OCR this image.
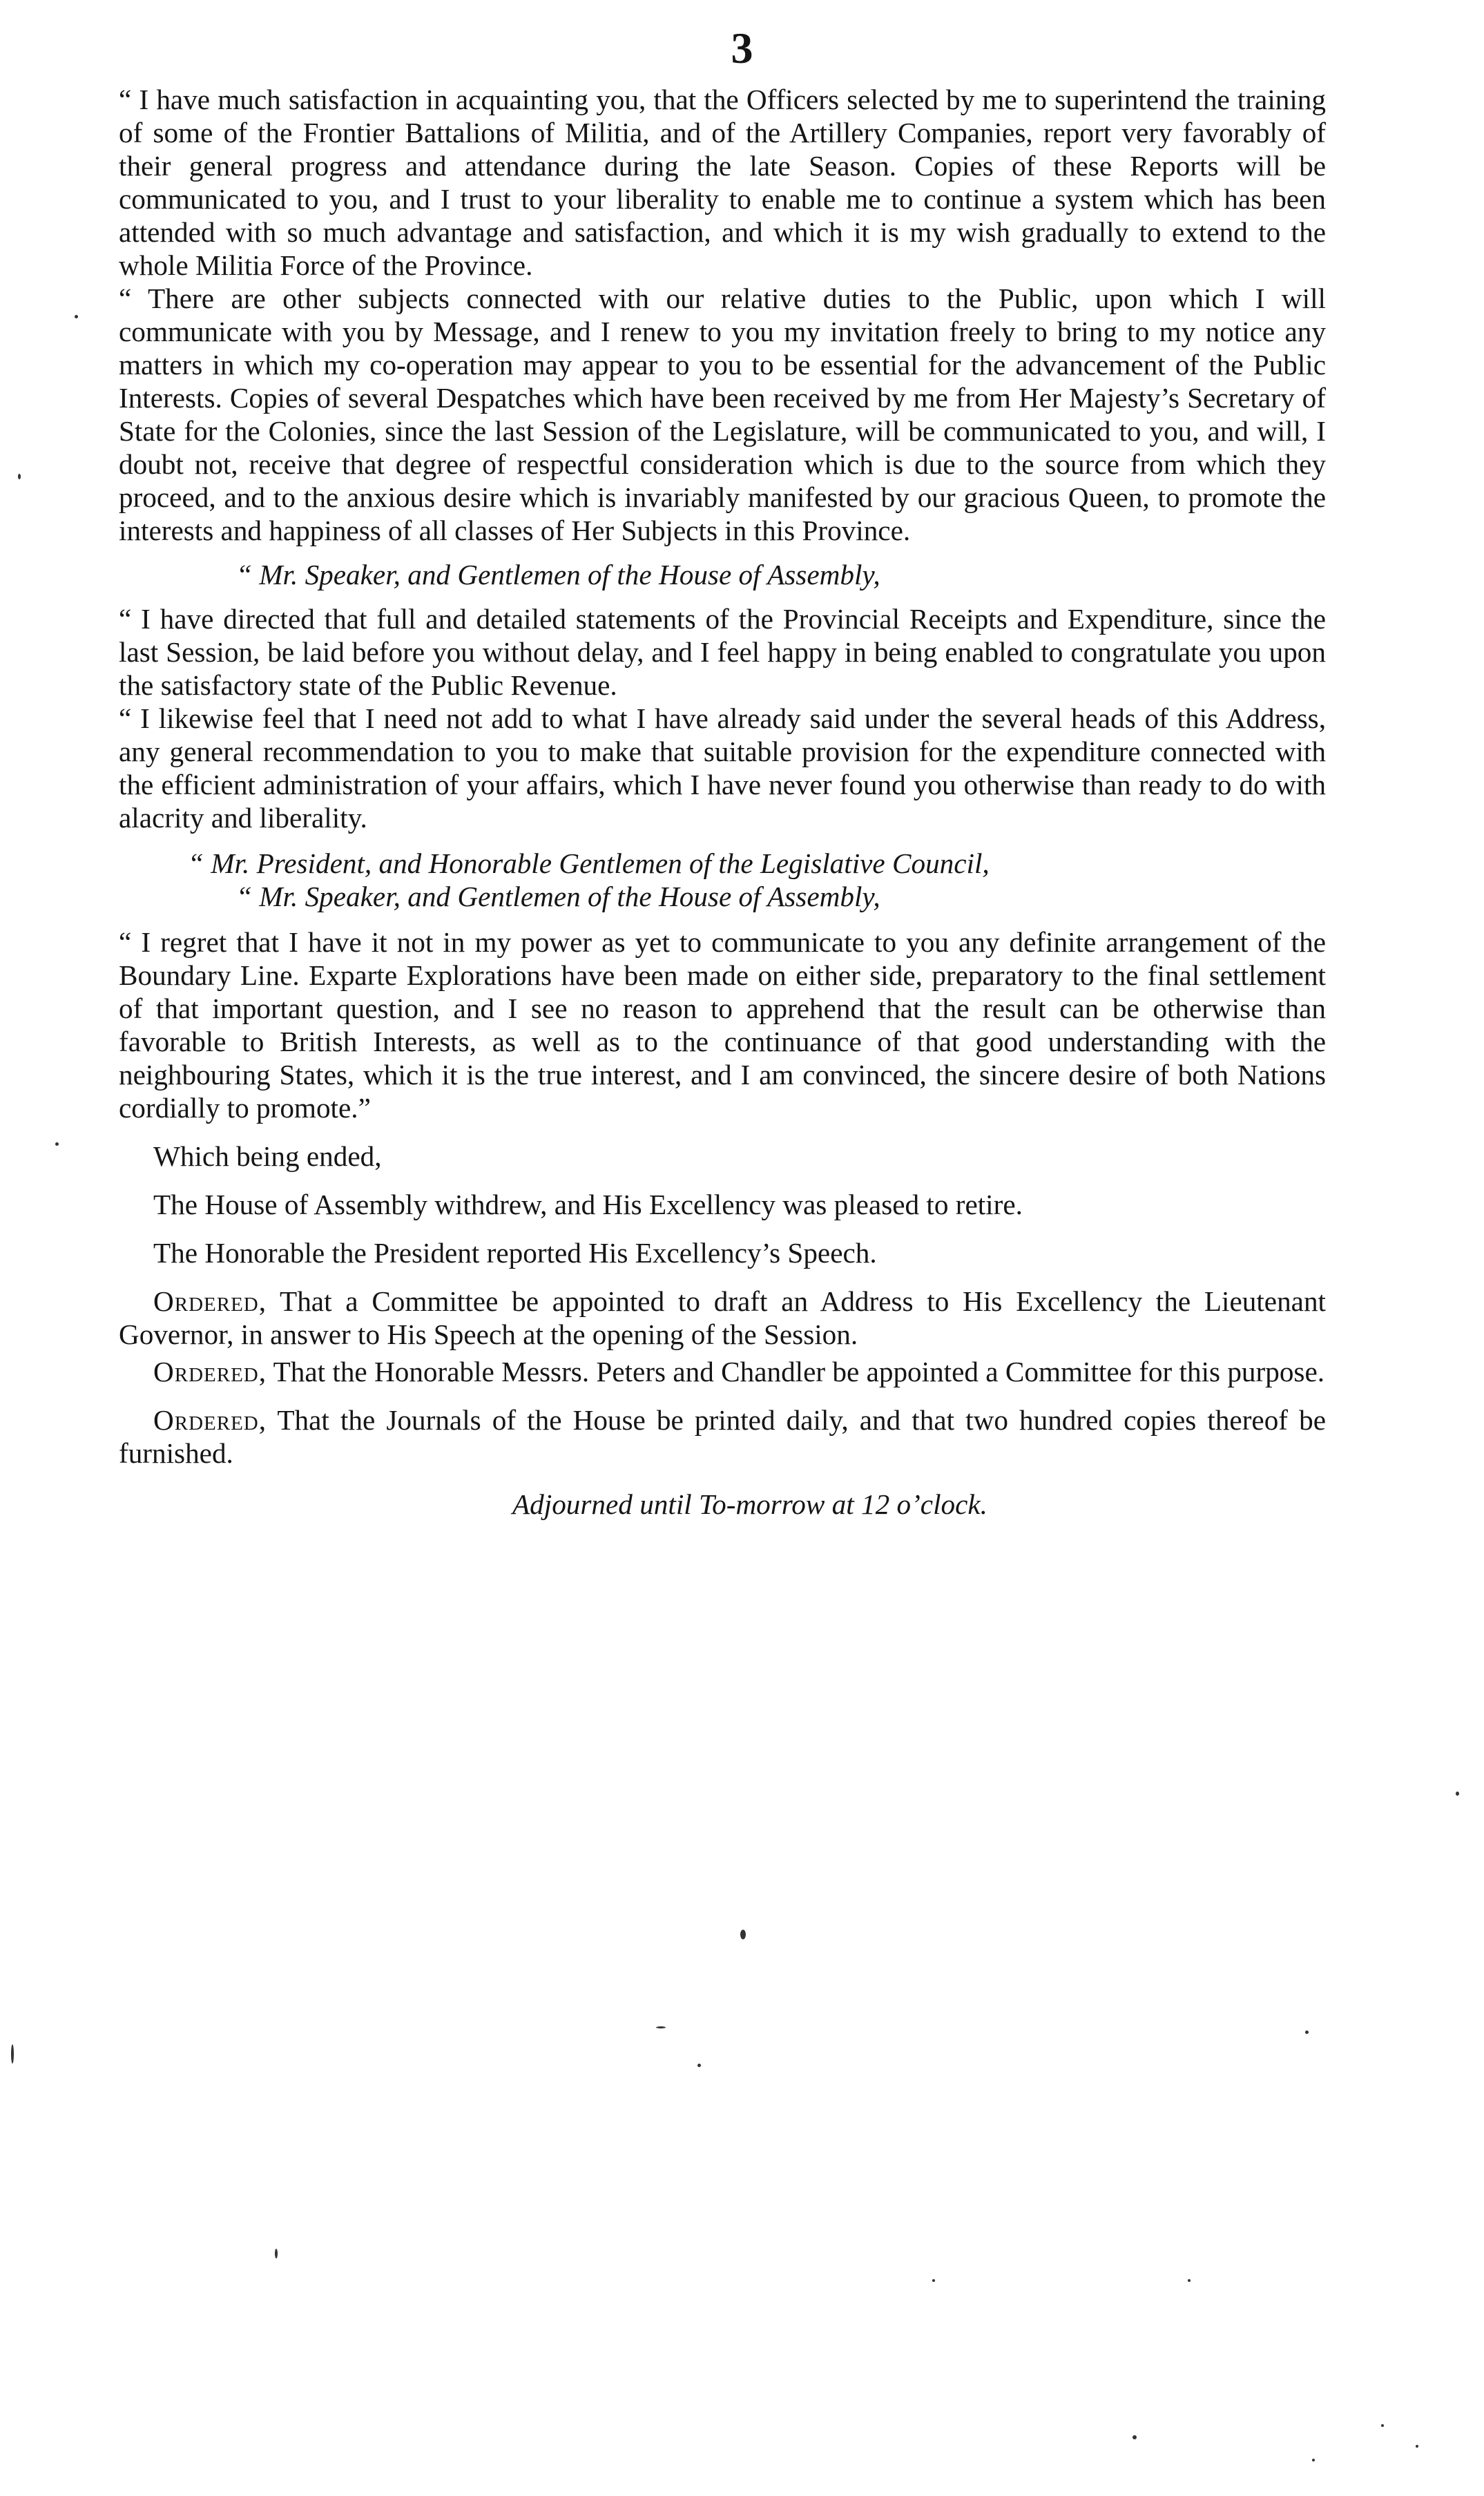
3

“ I have much satisfaction in acquainting you, that the Officers selected by me to superintend the training of some of the Frontier Battalions of Militia, and of the Artillery Companies, report very favorably of their general progress and attendance during the late Season. Copies of these Reports will be communicated to you, and I trust to your liberality to enable me to continue a system which has been attended with so much advantage and satisfaction, and which it is my wish gradually to extend to the whole Militia Force of the Province.

“ There are other subjects connected with our relative duties to the Public, upon which I will communicate with you by Message, and I renew to you my invitation freely to bring to my notice any matters in which my co-operation may appear to you to be essential for the advancement of the Public Interests. Copies of several Despatches which have been received by me from Her Majesty’s Secretary of State for the Colonies, since the last Session of the Legislature, will be communicated to you, and will, I doubt not, receive that degree of respectful consideration which is due to the source from which they proceed, and to the anxious desire which is invariably manifested by our gracious Queen, to promote the interests and happiness of all classes of Her Subjects in this Province.

“ Mr. Speaker, and Gentlemen of the House of Assembly,

“ I have directed that full and detailed statements of the Provincial Receipts and Expenditure, since the last Session, be laid before you without delay, and I feel happy in being enabled to congratulate you upon the satisfactory state of the Public Revenue.

“ I likewise feel that I need not add to what I have already said under the several heads of this Address, any general recommendation to you to make that suitable provision for the expenditure connected with the efficient administration of your affairs, which I have never found you otherwise than ready to do with alacrity and liberality.

“ Mr. President, and Honorable Gentlemen of the Legislative Council,
“ Mr. Speaker, and Gentlemen of the House of Assembly,

“ I regret that I have it not in my power as yet to communicate to you any definite arrangement of the Boundary Line. Exparte Explorations have been made on either side, preparatory to the final settlement of that important question, and I see no reason to apprehend that the result can be otherwise than favorable to British Interests, as well as to the continuance of that good understanding with the neighbouring States, which it is the true interest, and I am convinced, the sincere desire of both Nations cordially to promote.”

Which being ended,

The House of Assembly withdrew, and His Excellency was pleased to retire.

The Honorable the President reported His Excellency’s Speech.

Ordered, That a Committee be appointed to draft an Address to His Excellency the Lieutenant Governor, in answer to His Speech at the opening of the Session.

Ordered, That the Honorable Messrs. Peters and Chandler be appointed a Committee for this purpose.

Ordered, That the Journals of the House be printed daily, and that two hundred copies thereof be furnished.

Adjourned until To-morrow at 12 o’clock.
